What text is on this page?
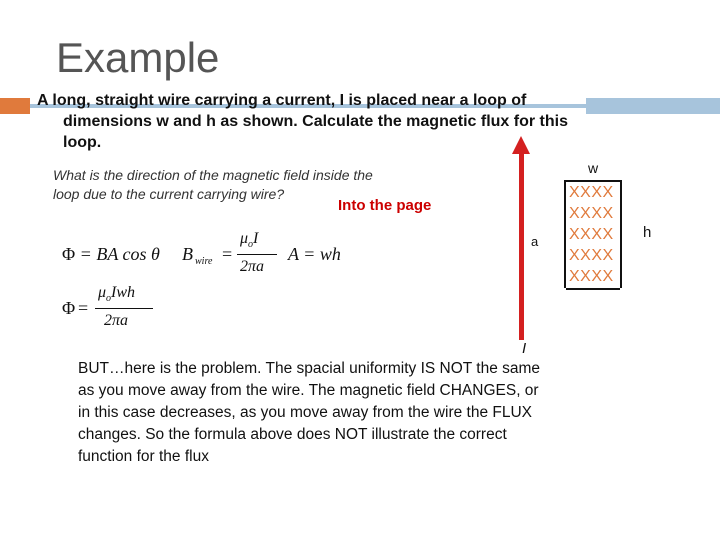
Example
A long, straight wire carrying a current, I is placed near a loop of
dimensions w and h as shown. Calculate the magnetic flux for this
loop.
What is the direction of the magnetic field inside the
loop due to the current carrying wire?
Into the page
Φ = BA cos θ B wire =
$\mu_oI$
2πa
A = wh
Φ =
$\mu_oIwh$
2πa
BUT…here is the problem. The spacial uniformity IS NOT the same as you move away from the wire. The magnetic field CHANGES, or in this case decreases, as you move away from the wire the FLUX changes. So the formula above does NOT illustrate the correct function for the flux
I
a
w
h
XXXX
XXXX
XXXX
XXXX
XXXX
